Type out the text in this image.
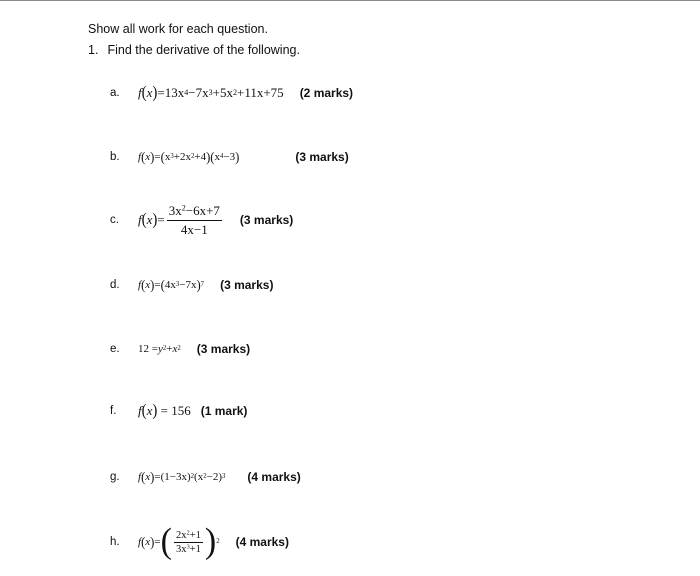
Show all work for each question.
1. Find the derivative of the following.
a.	f ( x ) = 13x 4 −7x 3 +5x 2 +11x+75 (2 marks)
b.	f ( x ) = ( x 3 +2x 2 +4 ) ( x 4 −3 )	(3 marks)
c.	f ( x ) = $\frac{3x^2-6x+7}{4x-1} (3$ marks)
d.	f ( x ) = ( 4x 3 −7x ) 7 (3 marks)
e.	12 = y 2 + x 2 (3 marks)
f.	f ( x )
=
156 (1 mark)
g.	f ( x ) = (1−3x) 2 (x 2 −2) 3 (4 marks)
h.	f ( x ) = ( $\frac{2x^2+1}{3x^3+1}$ ) 2 (4 marks)
